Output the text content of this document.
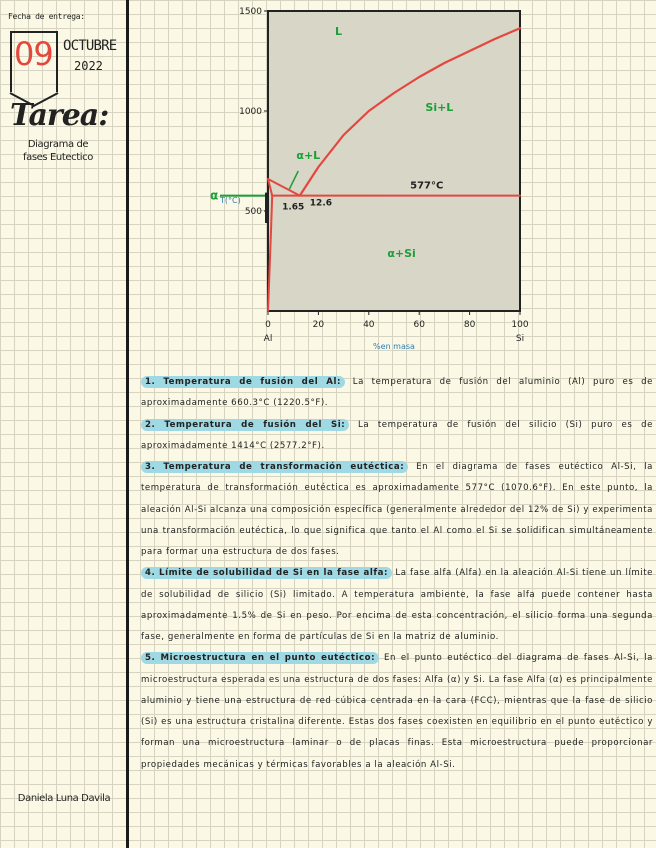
Fecha de entrega:
09 OCTUBRE
2022
Tarea:
Diagrama de
fases Eutectico
Daniela Luna Davila
500
1000
1500
0	20	40	60	80	100
Al	Si
%en masa
T(°C)
α
L
Si+L
α+L
α+Si
12.6
577°C
1.65

1. Temperatura de fusión del Al: La temperatura de fusión del aluminio (Al) puro es de aproximadamente 660.3°C (1220.5°F).

2. Temperatura de fusión del Si: La temperatura de fusión del silicio (Si) puro es de aproximadamente 1414°C (2577.2°F).

3. Temperatura de transformación eutéctica: En el diagrama de fases eutéctico Al-Si, la temperatura de transformación eutéctica es aproximadamente 577°C (1070.6°F). En este punto, la aleación Al-Si alcanza una composición específica (generalmente alrededor del 12% de Si) y experimenta una transformación eutéctica, lo que significa que tanto el Al como el Si se solidifican simultáneamente para formar una estructura de dos fases.

4. Límite de solubilidad de Si en la fase alfa: La fase alfa (Alfa) en la aleación Al-Si tiene un límite de solubilidad de silicio (Si) limitado. A temperatura ambiente, la fase alfa puede contener hasta aproximadamente 1.5% de Si en peso. Por encima de esta concentración, el silicio forma una segunda fase, generalmente en forma de partículas de Si en la matriz de aluminio.

5. Microestructura en el punto eutéctico: En el punto eutéctico del diagrama de fases Al-Si, la microestructura esperada es una estructura de dos fases: Alfa (α) y Si. La fase Alfa (α) es principalmente aluminio y tiene una estructura de red cúbica centrada en la cara (FCC), mientras que la fase de silicio (Si) es una estructura cristalina diferente. Estas dos fases coexisten en equilibrio en el punto eutéctico y forman una microestructura laminar o de placas finas. Esta microestructura puede proporcionar propiedades mecánicas y térmicas favorables a la aleación Al-Si.
